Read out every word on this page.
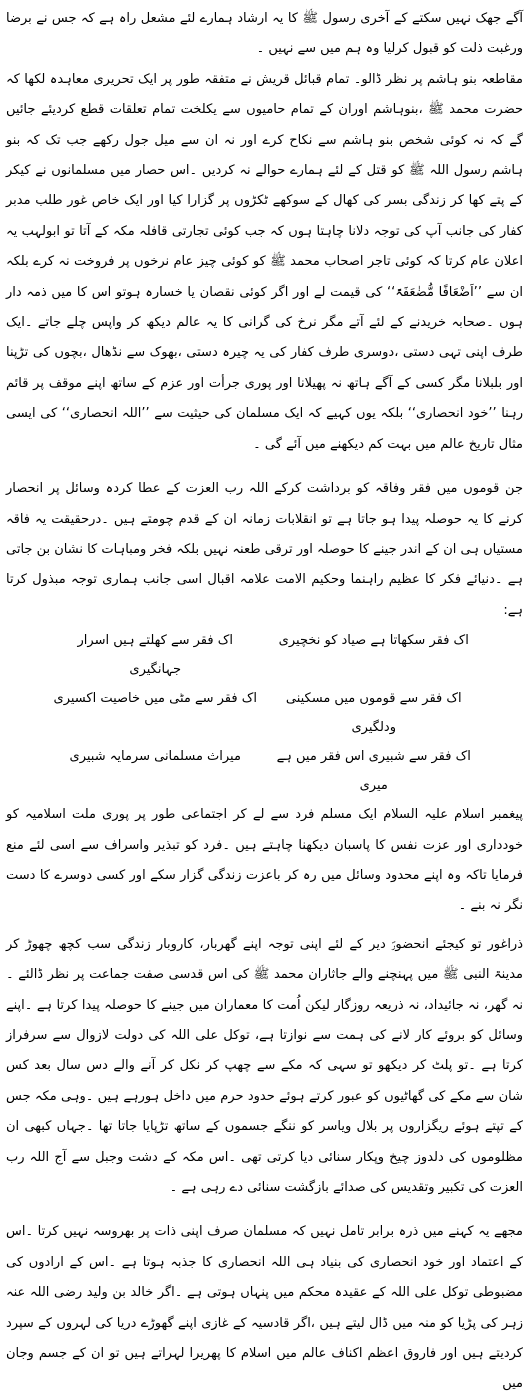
آگے جھک نہیں سکتے کے آخری رسول ﷺ کا یہ ارشاد ہمارے لئے مشعل راہ ہے کہ جس نے برضا ورغبت ذلت کو قبول کرلیا وہ ہم میں سے نہیں ۔

مقاطعہ بنو ہاشم پر نظر ڈالو۔ تمام قبائل قریش نے متفقہ طور پر ایک تحریری معاہدہ لکھا کہ حضرت محمد ﷺ ،بنوہاشم اوران کے تمام حامیوں سے یکلخت تمام تعلقات قطع کردیئے جائیں گے کہ نہ کوئی شخص بنو ہاشم سے نکاح کرے اور نہ ان سے میل جول رکھے جب تک کہ بنو ہاشم رسول اللہ ﷺ کو قتل کے لئے ہمارے حوالے نہ کردیں ۔اس حصار میں مسلمانوں نے کیکر کے پتے کھا کر زندگی بسر کی کھال کے سوکھے ٹکڑوں پر گزارا کیا اور ایک خاص غور طلب مدبر کفار کی جانب آپ کی توجہ دلانا چاہتا ہوں کہ جب کوئی تجارتی قافلہ مکہ کے آتا تو ابولہب یہ اعلان عام کرتا کہ کوئی تاجر اصحاب محمد ﷺ کو کوئی چیز عام نرخوں پر فروخت نہ کرے بلکہ ان سے ’’اَضْعَافًا مُّضٰعَفَۃً‘‘ کی قیمت لے اور اگر کوئی نقصان یا خسارہ ہوتو اس کا میں ذمہ دار ہوں ۔صحابہ خریدنے کے لئے آتے مگر نرخ کی گرانی کا یہ عالم دیکھ کر واپس چلے جاتے ۔ایک طرف اپنی تہی دستی ،دوسری طرف کفار کی یہ چیرہ دستی ،بھوک سے نڈھال ،بچوں کی تڑپنا اور بلبلانا مگر کسی کے آگے ہاتھ نہ پھیلانا اور پوری جرأت اور عزم کے ساتھ اپنے موقف پر قائم رہنا ’’خود انحصاری‘‘ بلکہ یوں کہیے کہ ایک مسلمان کی حیثیت سے ’’اللہ انحصاری‘‘ کی ایسی مثال تاریخ عالم میں بہت کم دیکھنے میں آئے گی ۔

جن قوموں میں فقر وفاقہ کو برداشت کرکے اللہ رب العزت کے عطا کردہ وسائل پر انحصار کرنے کا یہ حوصلہ پیدا ہو جاتا ہے تو انقلابات زمانہ ان کے قدم چومتے ہیں ۔درحقیقت یہ فاقہ مستیاں ہی ان کے اندر جینے کا حوصلہ اور ترقی طعنہ نہیں بلکہ فخر ومباہات کا نشان بن جاتی ہے ۔دنیائے فکر کا عظیم راہنما وحکیم الامت علامہ اقبال اسی جانب ہماری توجہ مبذول کرتا ہے:

اک فقر سکھاتا ہے صیاد کو نخچیری
اک فقر سے کھلتے ہیں اسرار جہانگیری
اک فقر سے قوموں میں مسکینی ودلگیری
اک فقر سے مٹی میں خاصیت اکسیری
اک فقر سے شبیری اس فقر میں ہے میری
میراث مسلمانی سرمایہ شبیری

پیغمبر اسلام علیہ السلام ایک مسلم فرد سے لے کر اجتماعی طور پر پوری ملت اسلامیہ کو خودداری اور عزت نفس کا پاسبان دیکھنا چاہتے ہیں ۔فرد کو تبذیر واسراف سے اسی لئے منع فرمایا تاکہ وہ اپنے محدود وسائل میں رہ کر باعزت زندگی گزار سکے اور کسی دوسرے کا دست نگر نہ بنے ۔

ذراغور تو کیجئے انحضورؐ دیر کے لئے اپنی توجہ اپنے گھربار، کاروبار زندگی سب کچھ چھوڑ کر مدینۃ النبی ﷺ میں پہنچنے والے جاثاران محمد ﷺ کی اس قدسی صفت جماعت پر نظر ڈالئے ۔نہ گھر، نہ جائیداد، نہ ذریعہ روزگار لیکن اُمت کا معماران میں جینے کا حوصلہ پیدا کرتا ہے ۔اپنے وسائل کو بروئے کار لانے کی ہمت سے نوازتا ہے، توکل علی اللہ کی دولت لازوال سے سرفراز کرتا ہے ۔تو پلٹ کر دیکھو تو سہی کہ مکے سے چھپ کر نکل کر آنے والے دس سال بعد کس شان سے مکے کی گھاٹیوں کو عبور کرتے ہوئے حدود حرم میں داخل ہورہے ہیں ۔وہی مکہ جس کے تپتے ہوئے ریگزاروں پر بلال ویاسر کو ننگے جسموں کے ساتھ تڑپایا جاتا تھا ۔جہاں کبھی ان مظلوموں کی دلدوز چیخ وپکار سنائی دیا کرتی تھی ۔اس مکہ کے دشت وجبل سے آج اللہ رب العزت کی تکبیر وتقدیس کی صدائے بازگشت سنائی دے رہی ہے ۔

مجھے یہ کہنے میں ذرہ برابر تامل نہیں کہ مسلمان صرف اپنی ذات پر بھروسہ نہیں کرتا ۔اس کے اعتماد اور خود انحصاری کی بنیاد ہی اللہ انحصاری کا جذبہ ہوتا ہے ۔اس کے ارادوں کی مضبوطی توکل علی اللہ کے عقیدہ محکم میں پنہاں ہوتی ہے ۔اگر خالد بن ولید رضی اللہ عنہ زہر کی پڑیا کو منہ میں ڈال لیتے ہیں ،اگر قادسیہ کے غازی اپنے گھوڑے دریا کی لہروں کے سپرد کردیتے ہیں اور فاروق اعظم اکناف عالم میں اسلام کا پھریرا لہراتے ہیں تو ان کے جسم وجان میں
